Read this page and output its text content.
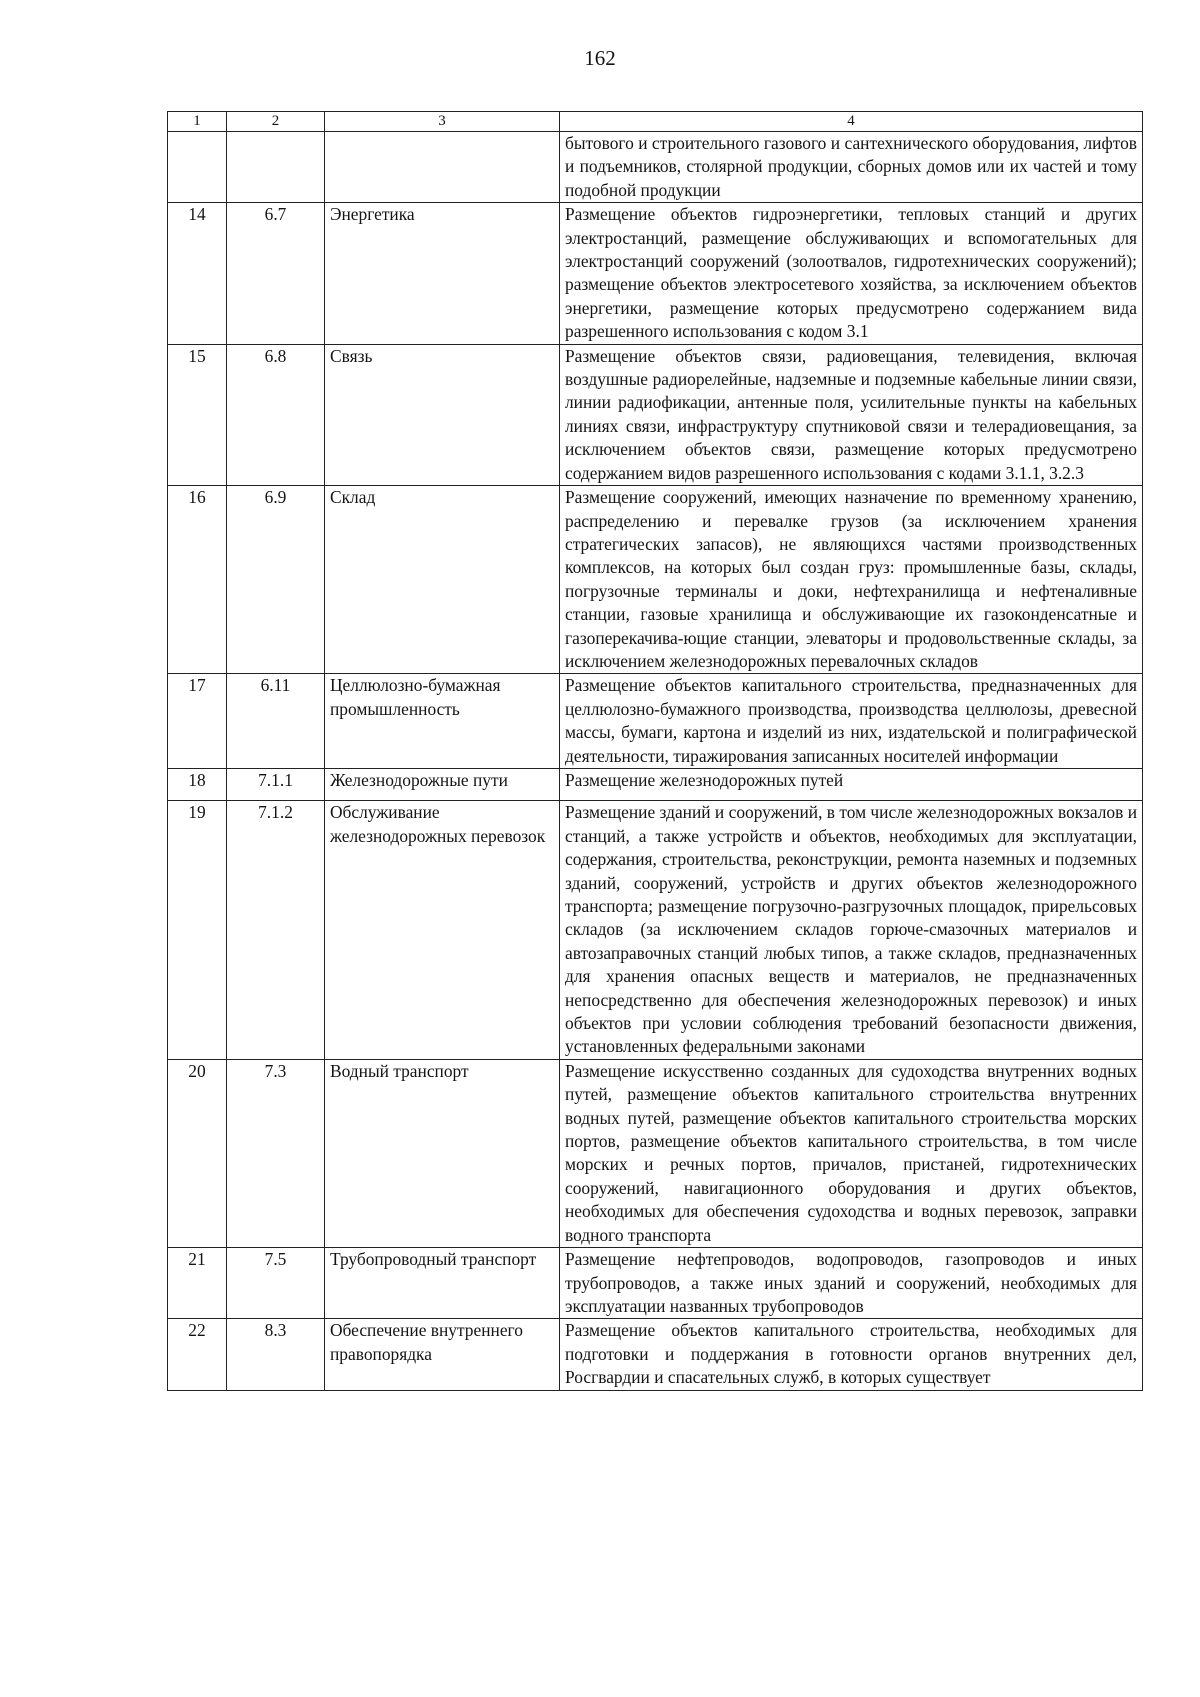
162
1	2	3	4
			бытового и строительного газового и сантехнического оборудования, лифтов и подъемников, столярной продукции, сборных домов или их частей и тому подобной продукции
14	6.7	Энергетика	Размещение объектов гидроэнергетики, тепловых станций и других электростанций, размещение обслуживающих и вспомогательных для электростанций сооружений (золоотвалов, гидротехнических сооружений); размещение объектов электросетевого хозяйства, за исключением объектов энергетики, размещение которых предусмотрено содержанием вида разрешенного использования с кодом 3.1
15	6.8	Связь	Размещение объектов связи, радиовещания, телевидения, включая воздушные радиорелейные, надземные и подземные кабельные линии связи, линии радиофикации, антенные поля, усилительные пункты на кабельных линиях связи, инфраструктуру спутниковой связи и телерадиовещания, за исключением объектов связи, размещение которых предусмотрено содержанием видов разрешенного использования с кодами 3.1.1, 3.2.3
16	6.9	Склад	Размещение сооружений, имеющих назначение по временному хранению, распределению и перевалке грузов (за исключением хранения стратегических запасов), не являющихся частями производственных комплексов, на которых был создан груз: промышленные базы, склады, погрузочные терминалы и доки, нефтехранилища и нефтеналивные станции, газовые хранилища и обслуживающие их газоконденсатные и газоперекачива-ющие станции, элеваторы и продовольственные склады, за исключением железнодорожных перевалочных складов
17	6.11	Целлюлозно-бумажная промышленность	Размещение объектов капитального строительства, предназначенных для целлюлозно-бумажного производства, производства целлюлозы, древесной массы, бумаги, картона и изделий из них, издательской и полиграфической деятельности, тиражирования записанных носителей информации
18	7.1.1	Железнодорожные пути	Размещение железнодорожных путей
19	7.1.2	Обслуживание железнодорожных перевозок	Размещение зданий и сооружений, в том числе железнодорожных вокзалов и станций, а также устройств и объектов, необходимых для эксплуатации, содержания, строительства, реконструкции, ремонта наземных и подземных зданий, сооружений, устройств и других объектов железнодорожного транспорта; размещение погрузочно-разгрузочных площадок, прирельсовых складов (за исключением складов горюче-смазочных материалов и автозаправочных станций любых типов, а также складов, предназначенных для хранения опасных веществ и материалов, не предназначенных непосредственно для обеспечения железнодорожных перевозок) и иных объектов при условии соблюдения требований безопасности движения, установленных федеральными законами
20	7.3	Водный транспорт	Размещение искусственно созданных для судоходства внутренних водных путей, размещение объектов капитального строительства внутренних водных путей, размещение объектов капитального строительства морских портов, размещение объектов капитального строительства, в том числе морских и речных портов, причалов, пристаней, гидротехнических сооружений, навигационного оборудования и других объектов, необходимых для обеспечения судоходства и водных перевозок, заправки водного транспорта
21	7.5	Трубопроводный транспорт	Размещение нефтепроводов, водопроводов, газопроводов и иных трубопроводов, а также иных зданий и сооружений, необходимых для эксплуатации названных трубопроводов
22	8.3	Обеспечение внутреннего правопорядка	Размещение объектов капитального строительства, необходимых для подготовки и поддержания в готовности органов внутренних дел, Росгвардии и спасательных служб, в которых существует
